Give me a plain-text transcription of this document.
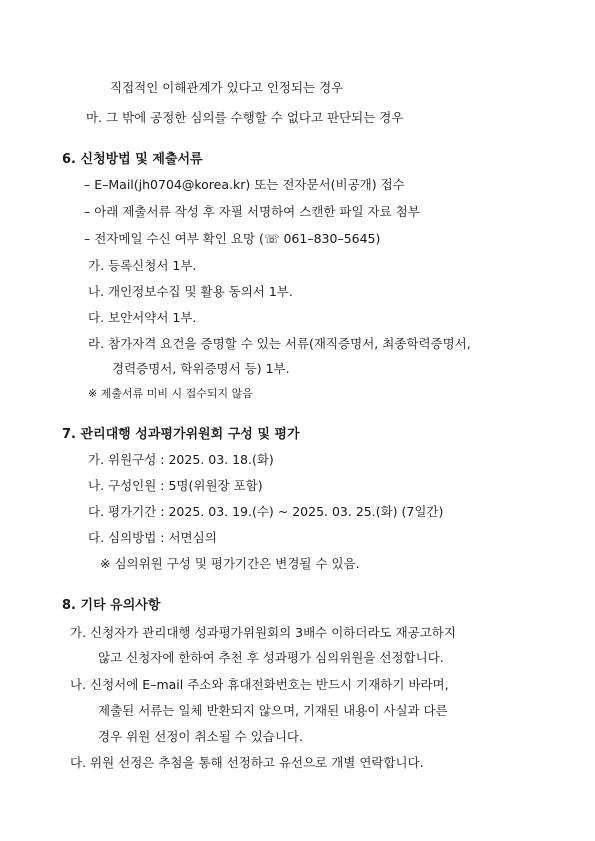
직접적인 이해관계가 있다고 인정되는 경우
마. 그 밖에 공정한 심의를 수행할 수 없다고 판단되는 경우
6. 신청방법 및 제출서류
– E–Mail(jh0704@korea.kr) 또는 전자문서(비공개) 접수
– 아래 제출서류 작성 후 자필 서명하여 스캔한 파일 자료 첨부
– 전자메일 수신 여부 확인 요망 (☏ 061–830–5645)
가. 등록신청서 1부.
나. 개인정보수집 및 활용 동의서 1부.
다. 보안서약서 1부.
라. 참가자격 요건을 증명할 수 있는 서류(재직증명서, 최종학력증명서,
경력증명서, 학위증명서 등) 1부.
※ 제출서류 미비 시 접수되지 않음
7. 관리대행 성과평가위원회 구성 및 평가
가. 위원구성 : 2025. 03. 18.(화)
나. 구성인원 : 5명(위원장 포함)
다. 평가기간 : 2025. 03. 19.(수) ~ 2025. 03. 25.(화) (7일간)
다. 심의방법 : 서면심의
※ 심의위원 구성 및 평가기간은 변경될 수 있음.
8. 기타 유의사항
가. 신청자가 관리대행 성과평가위원회의 3배수 이하더라도 재공고하지
않고 신청자에 한하여 추천 후 성과평가 심의위원을 선정합니다.
나. 신청서에 E–mail 주소와 휴대전화번호는 반드시 기재하기 바라며,
제출된 서류는 일체 반환되지 않으며, 기재된 내용이 사실과 다른
경우 위원 선정이 취소될 수 있습니다.
다. 위원 선정은 추첨을 통해 선정하고 유선으로 개별 연락합니다.
